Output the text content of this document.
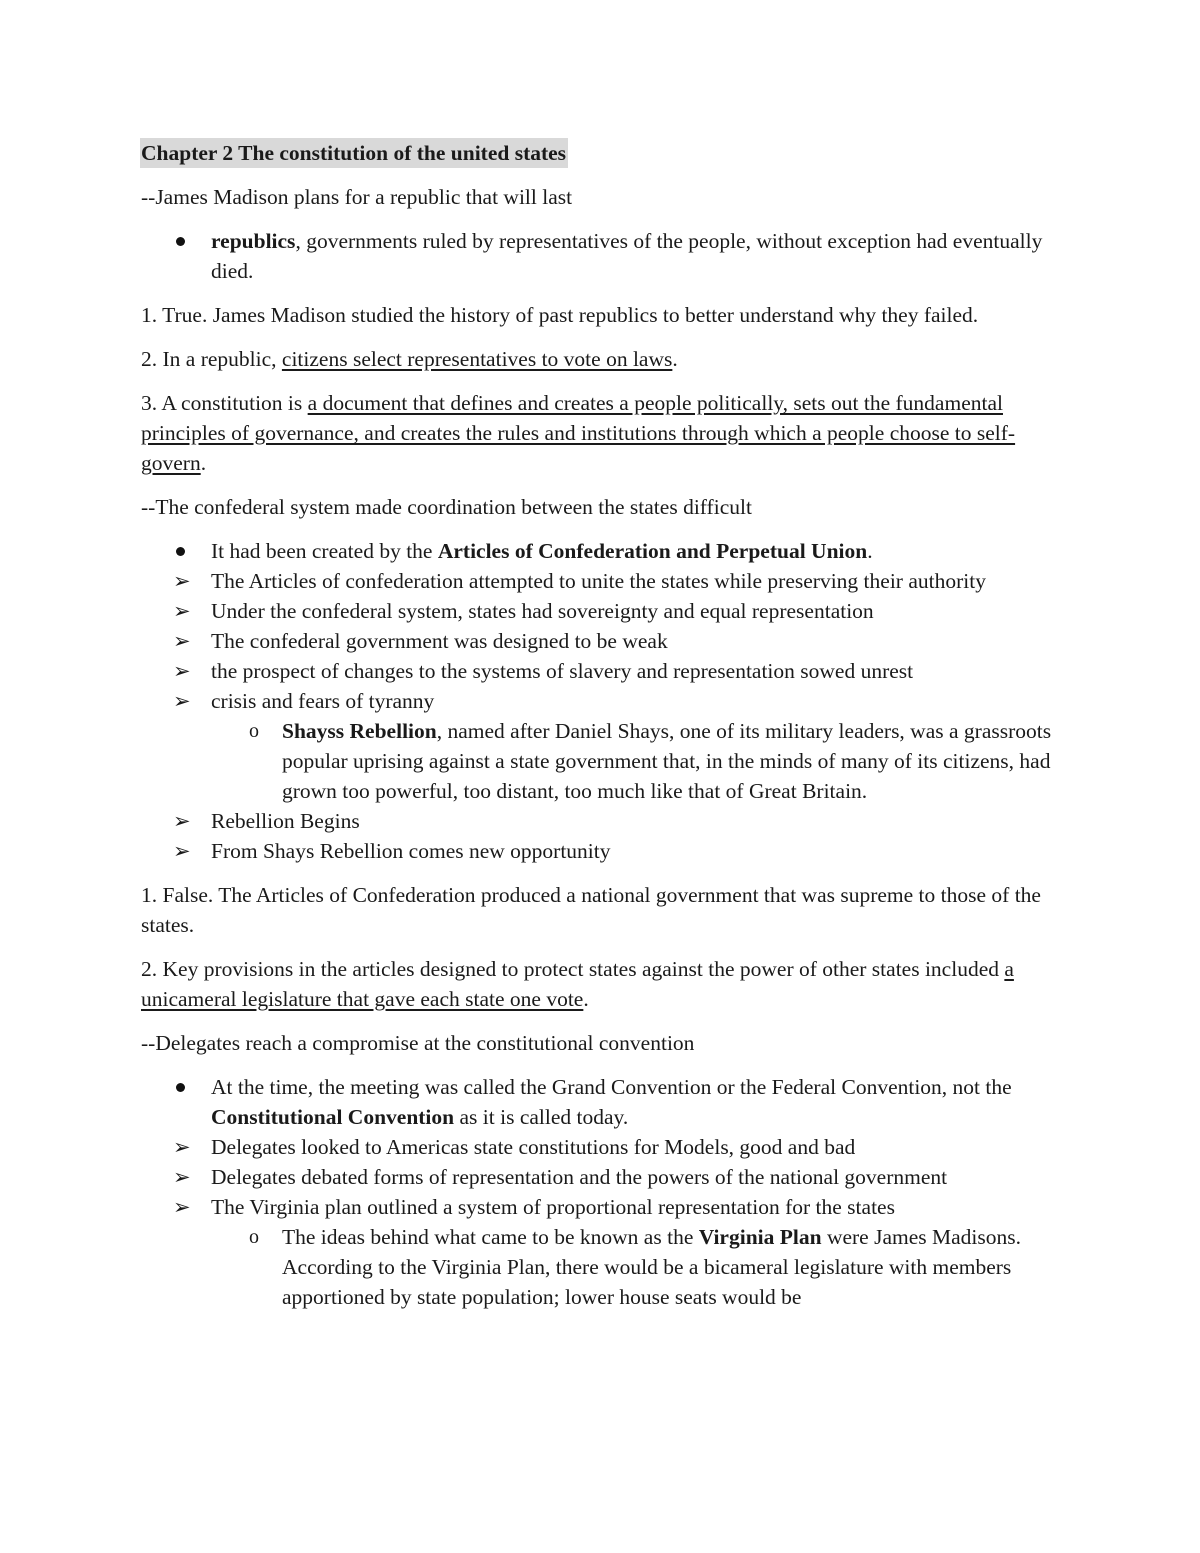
Chapter 2 The constitution of the united states

--James Madison plans for a republic that will last

republics, governments ruled by representatives of the people, without exception had eventually died.

1. True. James Madison studied the history of past republics to better understand why they failed.

2. In a republic, citizens select representatives to vote on laws.

3. A constitution is a document that defines and creates a people politically, sets out the fundamental principles of governance, and creates the rules and institutions through which a people choose to self-govern.

--The confederal system made coordination between the states difficult

It had been created by the Articles of Confederation and Perpetual Union.
➢ The Articles of confederation attempted to unite the states while preserving their authority
➢ Under the confederal system, states had sovereignty and equal representation
➢ The confederal government was designed to be weak
➢ the prospect of changes to the systems of slavery and representation sowed unrest
➢ crisis and fears of tyranny
o	Shayss Rebellion, named after Daniel Shays, one of its military leaders, was a grassroots popular uprising against a state government that, in the minds of many of its citizens, had grown too powerful, too distant, too much like that of Great Britain.
➢ Rebellion Begins
➢ From Shays Rebellion comes new opportunity

1. False. The Articles of Confederation produced a national government that was supreme to those of the states.

2. Key provisions in the articles designed to protect states against the power of other states included a unicameral legislature that gave each state one vote.

--Delegates reach a compromise at the constitutional convention

At the time, the meeting was called the Grand Convention or the Federal Convention, not the Constitutional Convention as it is called today.
➢ Delegates looked to Americas state constitutions for Models, good and bad
➢ Delegates debated forms of representation and the powers of the national government
➢ The Virginia plan outlined a system of proportional representation for the states
o	The ideas behind what came to be known as the Virginia Plan were James Madisons. According to the Virginia Plan, there would be a bicameral legislature with members apportioned by state population; lower house seats would be
